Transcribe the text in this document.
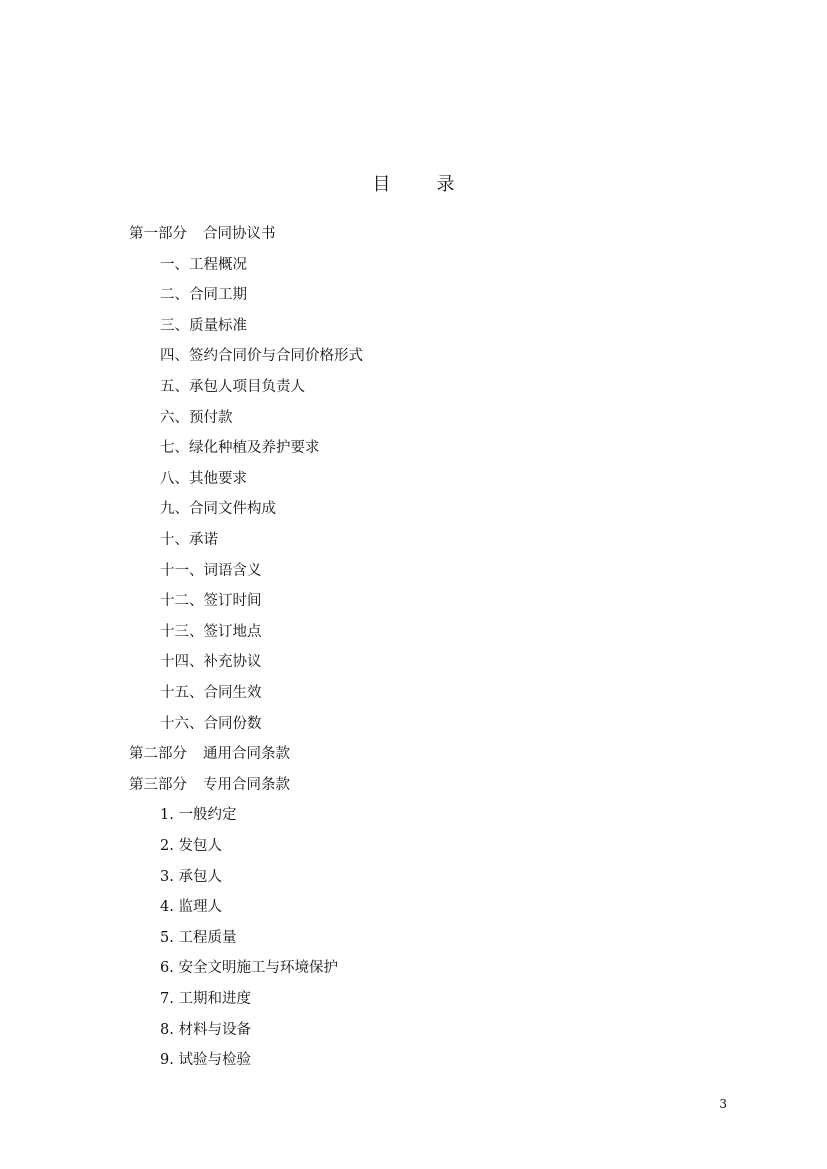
目　录
第一部分 合同协议书
一、工程概况
二、合同工期
三、质量标准
四、签约合同价与合同价格形式
五、承包人项目负责人
六、预付款
七、绿化种植及养护要求
八、其他要求
九、合同文件构成
十、承诺
十一、词语含义
十二、签订时间
十三、签订地点
十四、补充协议
十五、合同生效
十六、合同份数
第二部分 通用合同条款
第三部分 专用合同条款
1. 一般约定
2. 发包人
3. 承包人
4. 监理人
5. 工程质量
6. 安全文明施工与环境保护
7. 工期和进度
8. 材料与设备
9. 试验与检验
3
